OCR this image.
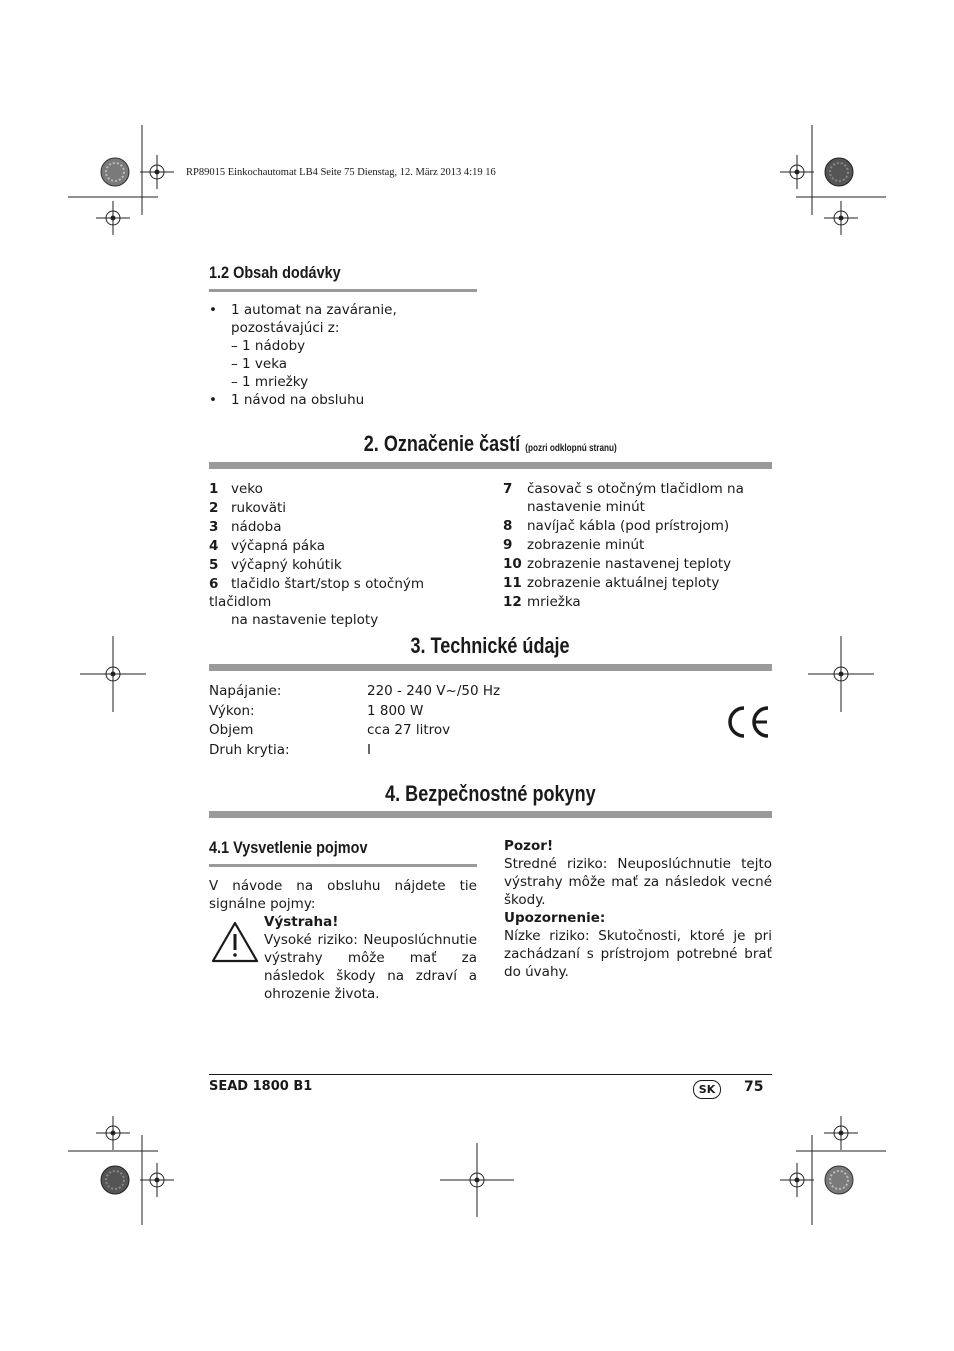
RP89015 Einkochautomat LB4 Seite 75 Dienstag, 12. März 2013 4:19 16
1.2 Obsah dodávky
• 1 automat na zaváranie,
pozostávajúci z:
– 1 nádoby
– 1 veka
– 1 mriežky
• 1 návod na obsluhu
2. Označenie častí (pozri odklopnú stranu)
1 veko
2 rukoväti
3 nádoba
4 výčapná páka
5 výčapný kohútik
6 tlačidlo štart/stop s otočným tlačidlom
na nastavenie teploty
7 časovač s otočným tlačidlom na
nastavenie minút
8 navíjač kábla (pod prístrojom)
9 zobrazenie minút
10 zobrazenie nastavenej teploty
11 zobrazenie aktuálnej teploty
12 mriežka
3. Technické údaje
Napájanie:	220 - 240 V~/50 Hz
Výkon:	1 800 W
Objem	cca 27 litrov
Druh krytia:	I
4. Bezpečnostné pokyny
4.1 Vysvetlenie pojmov
V návode na obsluhu nájdete tie signálne pojmy:
Výstraha!
Vysoké riziko: Neuposlúchnutie výstrahy môže mať za následok škody na zdraví a ohrozenie života.
Pozor!
Stredné riziko: Neuposlúchnutie tejto výstrahy môže mať za následok vecné škody.
Upozornenie:
Nízke riziko: Skutočnosti, ktoré je pri zachádzaní s prístrojom potrebné brať do úvahy.
SEAD 1800 B1	SK	75
